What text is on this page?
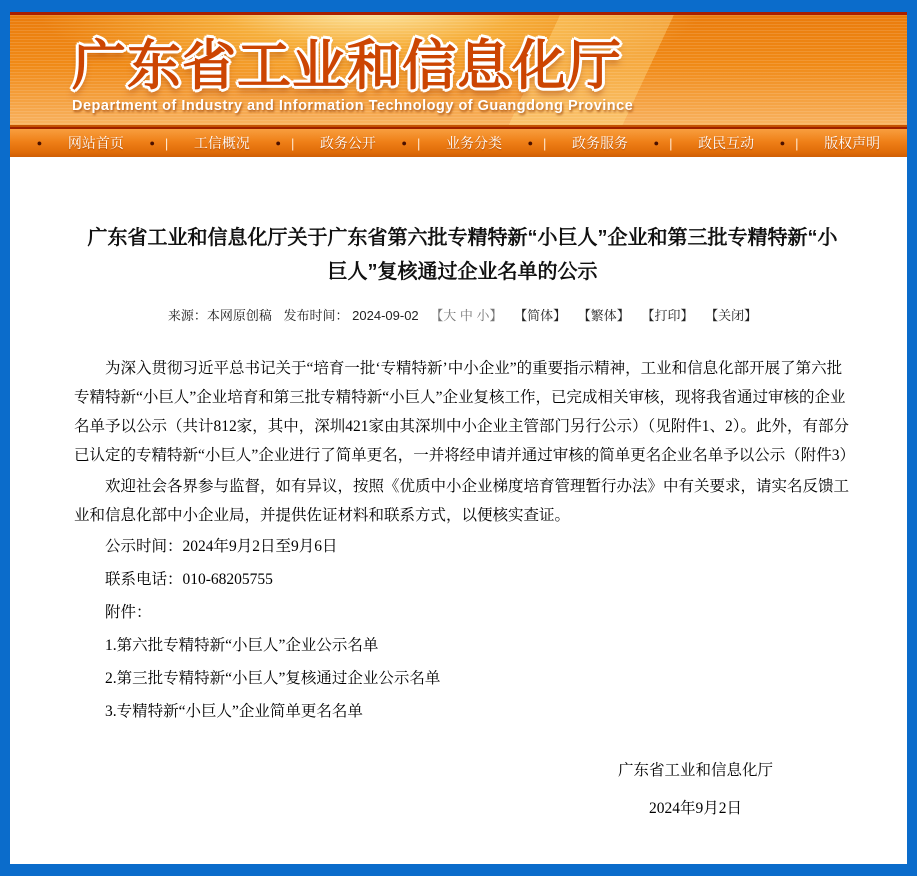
广东省工业和信息化厅
Department of Industry and Information Technology of Guangdong Province
● 网站首页	● | 工信概况	● | 政务公开	● | 业务分类	● | 政务服务	● | 政民互动	● | 版权声明
广东省工业和信息化厅关于广东省第六批专精特新“小巨人”企业和第三批专精特新“小巨人”复核通过企业名单的公示
来源：本网原创稿 发布时间： 2024-09-02 【大 中 小】 【简体】 【繁体】 【打印】 【关闭】

为深入贯彻习近平总书记关于“培育一批‘专精特新’中小企业”的重要指示精神，工业和信息化部开展了第六批专精特新“小巨人”企业培育和第三批专精特新“小巨人”企业复核工作，已完成相关审核，现将我省通过审核的企业名单予以公示（共计812家，其中，深圳421家由其深圳中小企业主管部门另行公示）（见附件1、2）。此外，有部分已认定的专精特新“小巨人”企业进行了简单更名，一并将经申请并通过审核的简单更名企业名单予以公示（附件3）

欢迎社会各界参与监督，如有异议，按照《优质中小企业梯度培育管理暂行办法》中有关要求，请实名反馈工业和信息化部中小企业局，并提供佐证材料和联系方式，以便核实查证。

公示时间：2024年9月2日至9月6日

联系电话：010-68205755

附件：

1.第六批专精特新“小巨人”企业公示名单

2.第三批专精特新“小巨人”复核通过企业公示名单

3.专精特新“小巨人”企业简单更名名单

广东省工业和信息化厅
2024年9月2日
